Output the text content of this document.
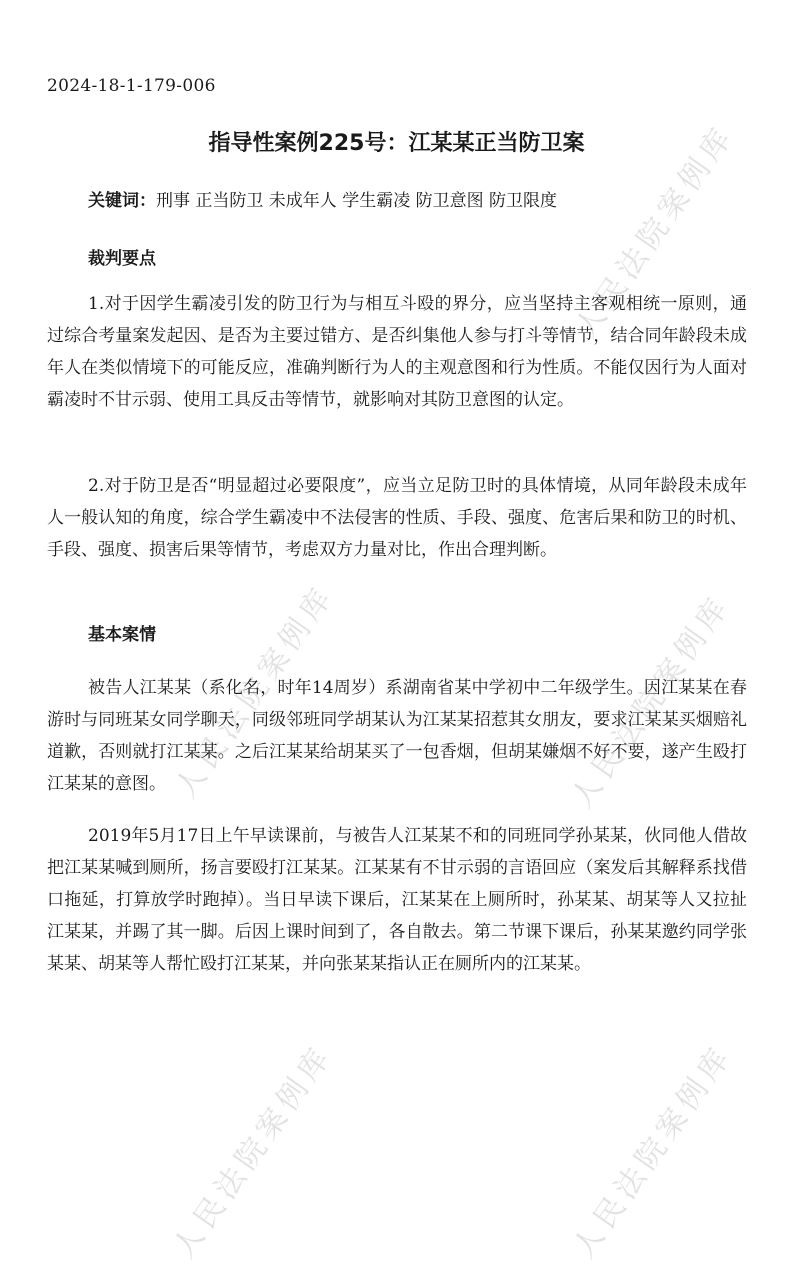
人民法院案例库
人民法院案例库	人民法院案例库
人民法院案例库	人民法院案例库
2024-18-1-179-006
指导性案例225号：江某某正当防卫案
关键词：刑事 正当防卫 未成年人 学生霸凌 防卫意图 防卫限度
裁判要点
1.对于因学生霸凌引发的防卫行为与相互斗殴的界分，应当坚持主客观相统一原则，通过综合考量案发起因、是否为主要过错方、是否纠集他人参与打斗等情节，结合同年龄段未成年人在类似情境下的可能反应，准确判断行为人的主观意图和行为性质。不能仅因行为人面对霸凌时不甘示弱、使用工具反击等情节，就影响对其防卫意图的认定。
2.对于防卫是否“明显超过必要限度”，应当立足防卫时的具体情境，从同年龄段未成年人一般认知的角度，综合学生霸凌中不法侵害的性质、手段、强度、危害后果和防卫的时机、手段、强度、损害后果等情节，考虑双方力量对比，作出合理判断。
基本案情
被告人江某某（系化名，时年14周岁）系湖南省某中学初中二年级学生。因江某某在春游时与同班某女同学聊天，同级邻班同学胡某认为江某某招惹其女朋友，要求江某某买烟赔礼道歉，否则就打江某某。之后江某某给胡某买了一包香烟，但胡某嫌烟不好不要，遂产生殴打江某某的意图。
2019年5月17日上午早读课前，与被告人江某某不和的同班同学孙某某，伙同他人借故把江某某喊到厕所，扬言要殴打江某某。江某某有不甘示弱的言语回应（案发后其解释系找借口拖延，打算放学时跑掉）。当日早读下课后，江某某在上厕所时，孙某某、胡某等人又拉扯江某某，并踢了其一脚。后因上课时间到了，各自散去。第二节课下课后，孙某某邀约同学张某某、胡某等人帮忙殴打江某某，并向张某某指认正在厕所内的江某某。
